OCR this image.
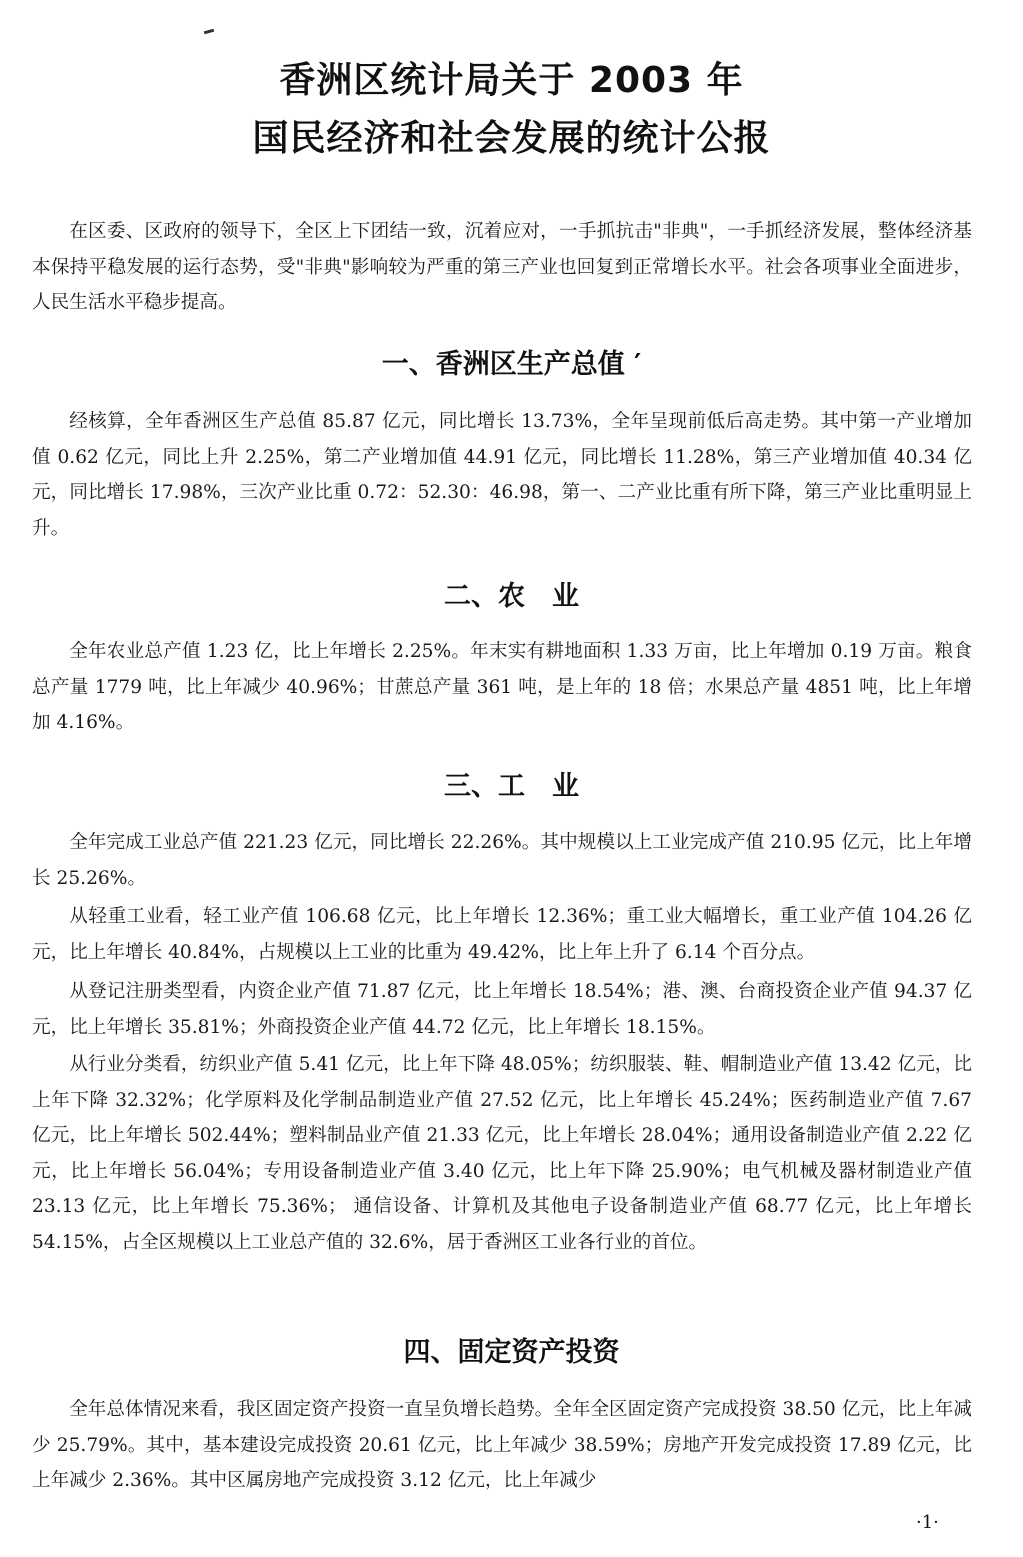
香洲区统计局关于 2003 年
国民经济和社会发展的统计公报

在区委、区政府的领导下，全区上下团结一致，沉着应对，一手抓抗击"非典"，一手抓经济发展，整体经济基本保持平稳发展的运行态势，受"非典"影响较为严重的第三产业也回复到正常增长水平。社会各项事业全面进步，人民生活水平稳步提高。

一、香洲区生产总值 ′

经核算，全年香洲区生产总值 85.87 亿元，同比增长 13.73%，全年呈现前低后高走势。其中第一产业增加值 0.62 亿元，同比上升 2.25%，第二产业增加值 44.91 亿元，同比增长 11.28%，第三产业增加值 40.34 亿元，同比增长 17.98%，三次产业比重 0.72：52.30：46.98，第一、二产业比重有所下降，第三产业比重明显上升。

二、农　业

全年农业总产值 1.23 亿，比上年增长 2.25%。年末实有耕地面积 1.33 万亩，比上年增加 0.19 万亩。粮食总产量 1779 吨，比上年减少 40.96%；甘蔗总产量 361 吨，是上年的 18 倍；水果总产量 4851 吨，比上年增加 4.16%。

三、工　业

全年完成工业总产值 221.23 亿元，同比增长 22.26%。其中规模以上工业完成产值 210.95 亿元，比上年增长 25.26%。

从轻重工业看，轻工业产值 106.68 亿元，比上年增长 12.36%；重工业大幅增长，重工业产值 104.26 亿元，比上年增长 40.84%，占规模以上工业的比重为 49.42%，比上年上升了 6.14 个百分点。

从登记注册类型看，内资企业产值 71.87 亿元，比上年增长 18.54%；港、澳、台商投资企业产值 94.37 亿元，比上年增长 35.81%；外商投资企业产值 44.72 亿元，比上年增长 18.15%。

从行业分类看，纺织业产值 5.41 亿元，比上年下降 48.05%；纺织服装、鞋、帽制造业产值 13.42 亿元，比上年下降 32.32%；化学原料及化学制品制造业产值 27.52 亿元，比上年增长 45.24%；医药制造业产值 7.67 亿元，比上年增长 502.44%；塑料制品业产值 21.33 亿元，比上年增长 28.04%；通用设备制造业产值 2.22 亿元，比上年增长 56.04%；专用设备制造业产值 3.40 亿元，比上年下降 25.90%；电气机械及器材制造业产值 23.13 亿元，比上年增长 75.36%； 通信设备、计算机及其他电子设备制造业产值 68.77 亿元，比上年增长 54.15%，占全区规模以上工业总产值的 32.6%，居于香洲区工业各行业的首位。

四、固定资产投资

全年总体情况来看，我区固定资产投资一直呈负增长趋势。全年全区固定资产完成投资 38.50 亿元，比上年减 少 25.79%。其中，基本建设完成投资 20.61 亿元，比上年减少 38.59%；房地产开发完成投资 17.89 亿元，比上年减少 2.36%。其中区属房地产完成投资 3.12 亿元，比上年减少

·1·
